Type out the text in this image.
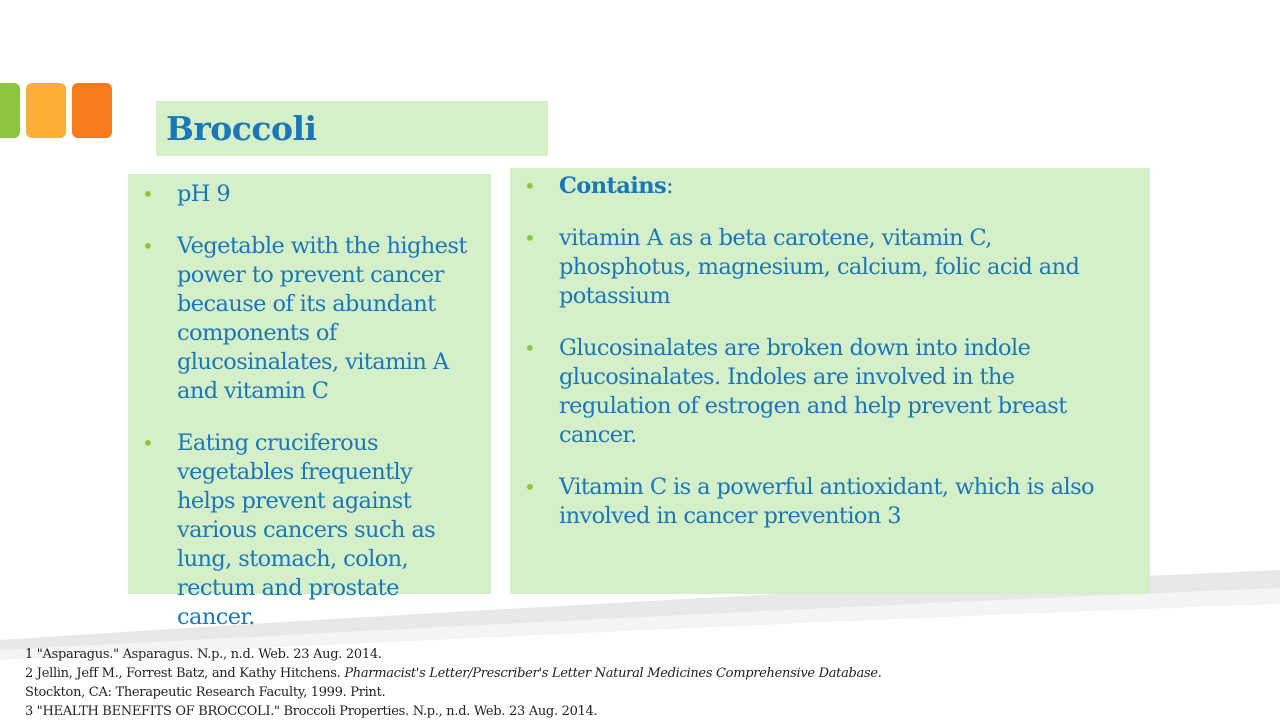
Broccoli
• pH 9
• Vegetable with the highest power to prevent cancer because of its abundant components of glucosinalates, vitamin A and vitamin C
• Eating cruciferous vegetables frequently helps prevent against various cancers such as lung, stomach, colon, rectum and prostate cancer.
• Contains:
• vitamin A as a beta carotene, vitamin C, phosphotus, magnesium, calcium, folic acid and potassium
• Glucosinalates are broken down into indole glucosinalates. Indoles are involved in the regulation of estrogen and help prevent breast cancer.
• Vitamin C is a powerful antioxidant, which is also involved in cancer prevention 3
1 "Asparagus." Asparagus. N.p., n.d. Web. 23 Aug. 2014.
2 Jellin, Jeff M., Forrest Batz, and Kathy Hitchens. Pharmacist's Letter/Prescriber's Letter Natural Medicines Comprehensive Database. Stockton, CA: Therapeutic Research Faculty, 1999. Print.
3 "HEALTH BENEFITS OF BROCCOLI." Broccoli Properties. N.p., n.d. Web. 23 Aug. 2014.
